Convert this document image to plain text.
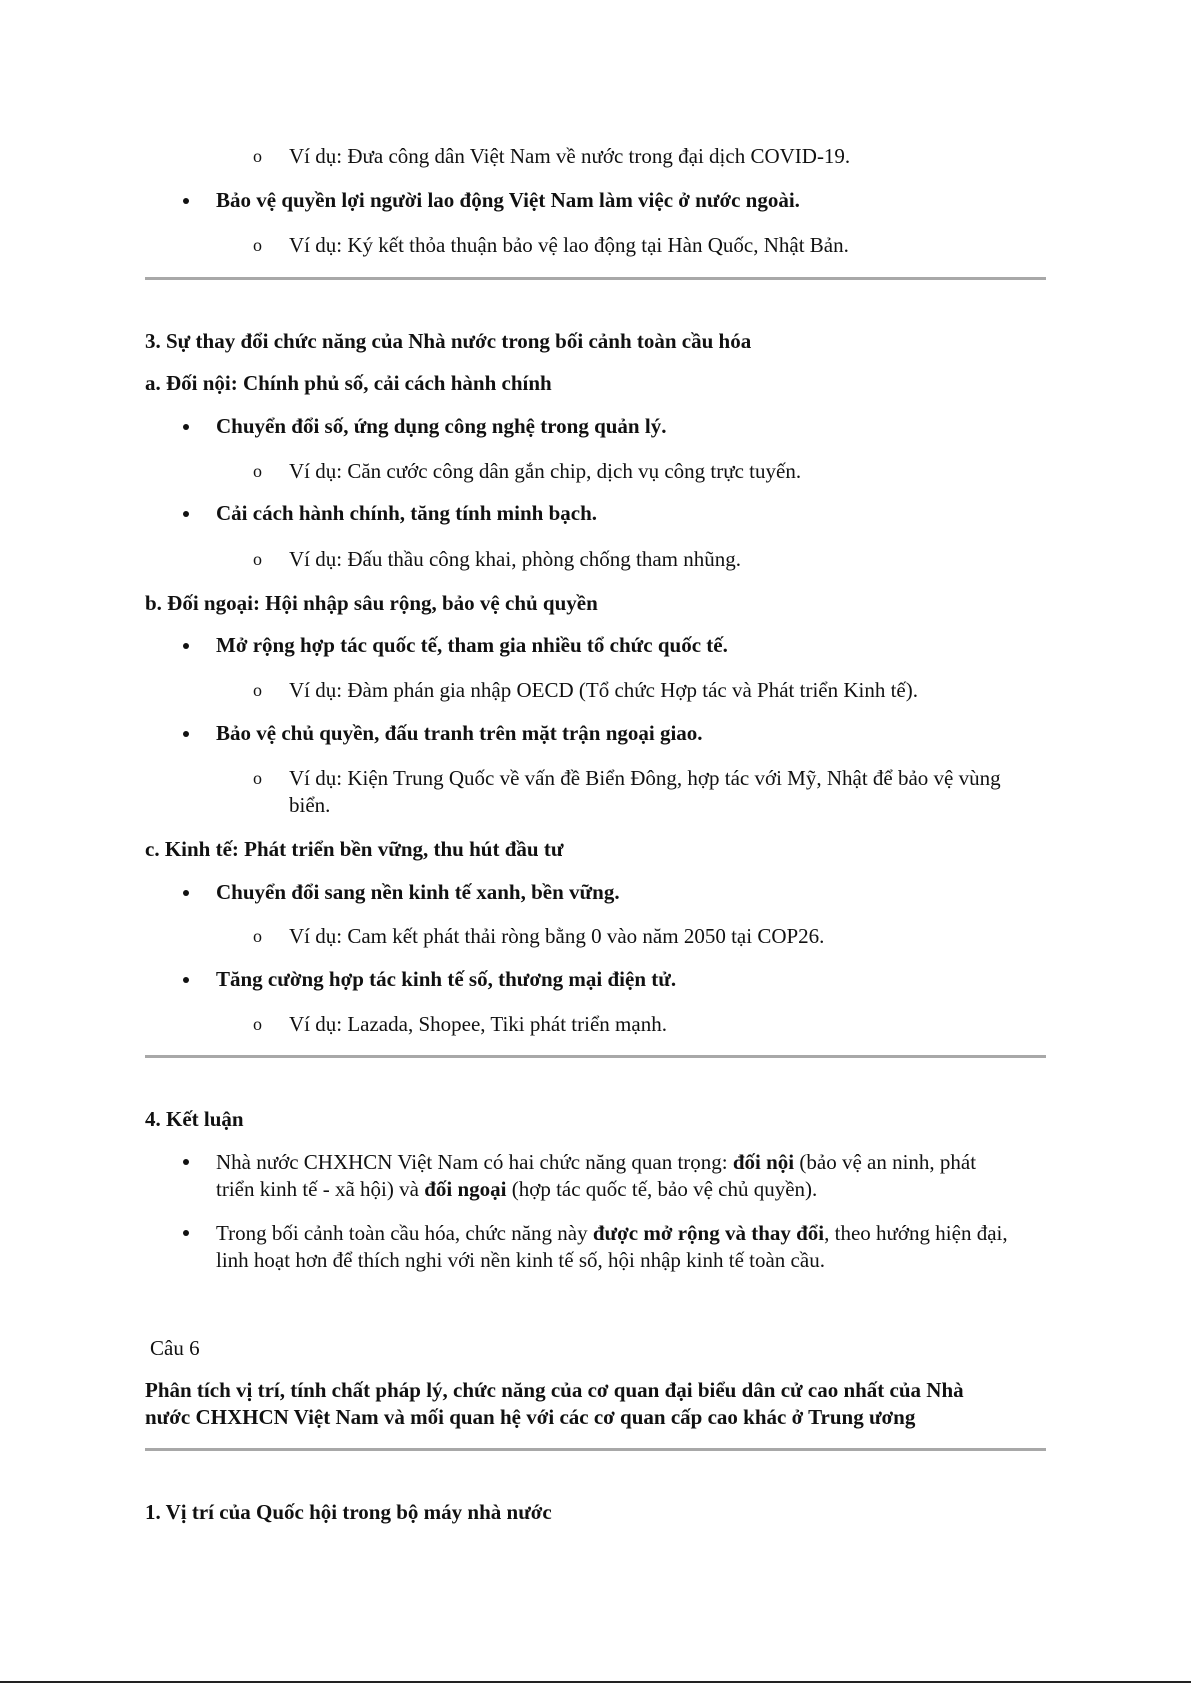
o Ví dụ: Đưa công dân Việt Nam về nước trong đại dịch COVID-19.
Bảo vệ quyền lợi người lao động Việt Nam làm việc ở nước ngoài.
o Ví dụ: Ký kết thỏa thuận bảo vệ lao động tại Hàn Quốc, Nhật Bản.
3. Sự thay đổi chức năng của Nhà nước trong bối cảnh toàn cầu hóa
a. Đối nội: Chính phủ số, cải cách hành chính
Chuyển đổi số, ứng dụng công nghệ trong quản lý.
o Ví dụ: Căn cước công dân gắn chip, dịch vụ công trực tuyến.
Cải cách hành chính, tăng tính minh bạch.
o Ví dụ: Đấu thầu công khai, phòng chống tham nhũng.
b. Đối ngoại: Hội nhập sâu rộng, bảo vệ chủ quyền
Mở rộng hợp tác quốc tế, tham gia nhiều tổ chức quốc tế.
o Ví dụ: Đàm phán gia nhập OECD (Tổ chức Hợp tác và Phát triển Kinh tế).
Bảo vệ chủ quyền, đấu tranh trên mặt trận ngoại giao.
o Ví dụ: Kiện Trung Quốc về vấn đề Biển Đông, hợp tác với Mỹ, Nhật để bảo vệ vùng
biển.
c. Kinh tế: Phát triển bền vững, thu hút đầu tư
Chuyển đổi sang nền kinh tế xanh, bền vững.
o Ví dụ: Cam kết phát thải ròng bằng 0 vào năm 2050 tại COP26.
Tăng cường hợp tác kinh tế số, thương mại điện tử.
o Ví dụ: Lazada, Shopee, Tiki phát triển mạnh.
4. Kết luận
Nhà nước CHXHCN Việt Nam có hai chức năng quan trọng: đối nội (bảo vệ an ninh, phát
triển kinh tế - xã hội) và đối ngoại (hợp tác quốc tế, bảo vệ chủ quyền).
Trong bối cảnh toàn cầu hóa, chức năng này được mở rộng và thay đổi, theo hướng hiện đại,
linh hoạt hơn để thích nghi với nền kinh tế số, hội nhập kinh tế toàn cầu.
Câu 6
Phân tích vị trí, tính chất pháp lý, chức năng của cơ quan đại biểu dân cử cao nhất của Nhà
nước CHXHCN Việt Nam và mối quan hệ với các cơ quan cấp cao khác ở Trung ương
1. Vị trí của Quốc hội trong bộ máy nhà nước
